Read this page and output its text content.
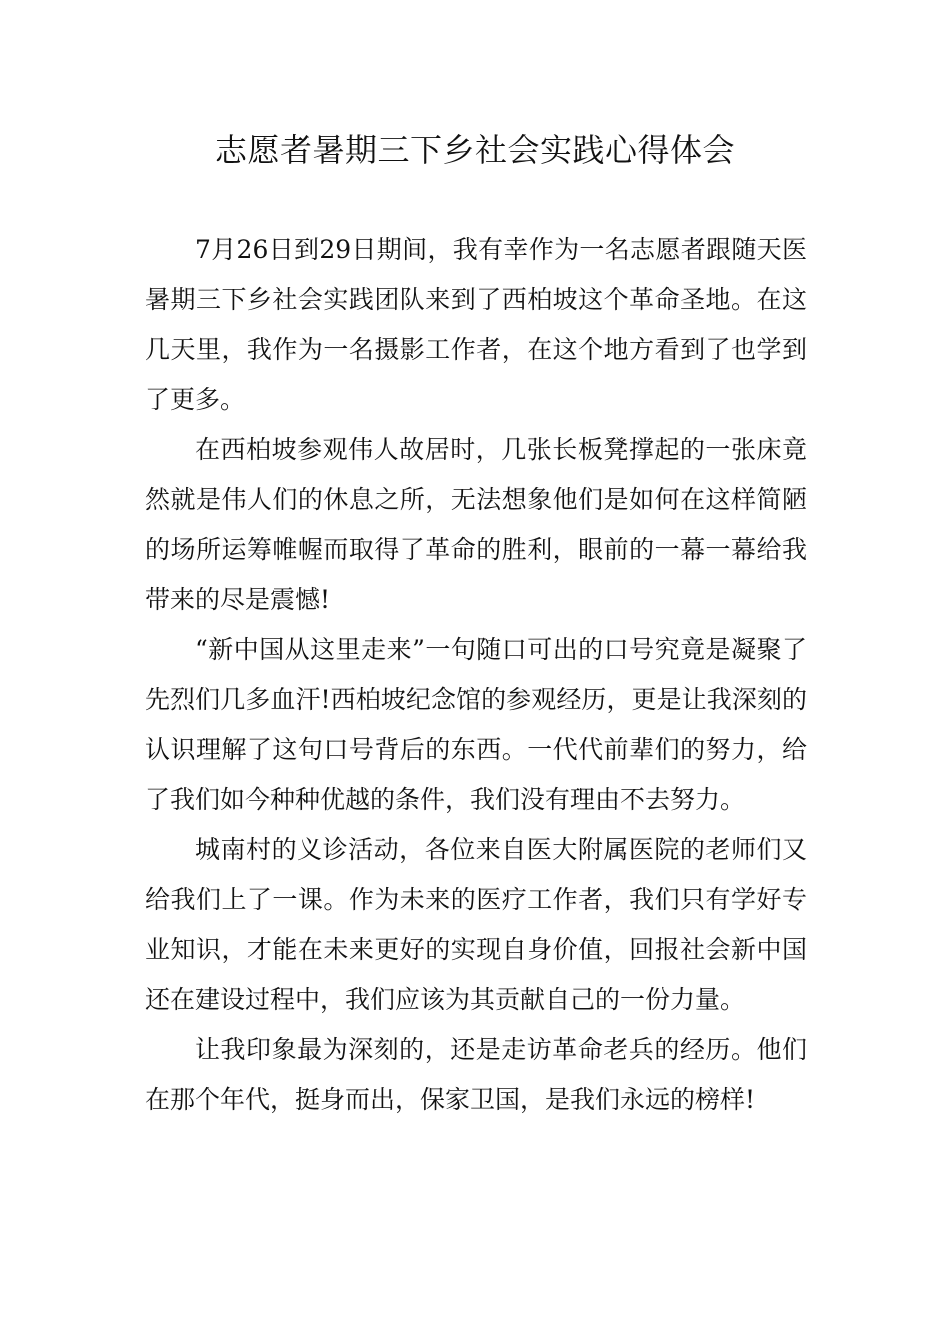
志愿者暑期三下乡社会实践心得体会

7月26日到29日期间，我有幸作为一名志愿者跟随天医暑期三下乡社会实践团队来到了西柏坡这个革命圣地。在这几天里，我作为一名摄影工作者，在这个地方看到了也学到了更多。

在西柏坡参观伟人故居时，几张长板凳撑起的一张床竟然就是伟人们的休息之所，无法想象他们是如何在这样简陋的场所运筹帷幄而取得了革命的胜利，眼前的一幕一幕给我带来的尽是震憾!

“新中国从这里走来”一句随口可出的口号究竟是凝聚了先烈们几多血汗!西柏坡纪念馆的参观经历，更是让我深刻的认识理解了这句口号背后的东西。一代代前辈们的努力，给了我们如今种种优越的条件，我们没有理由不去努力。

城南村的义诊活动，各位来自医大附属医院的老师们又给我们上了一课。作为未来的医疗工作者，我们只有学好专业知识，才能在未来更好的实现自身价值，回报社会新中国还在建设过程中，我们应该为其贡献自己的一份力量。

让我印象最为深刻的，还是走访革命老兵的经历。他们在那个年代，挺身而出，保家卫国，是我们永远的榜样!
